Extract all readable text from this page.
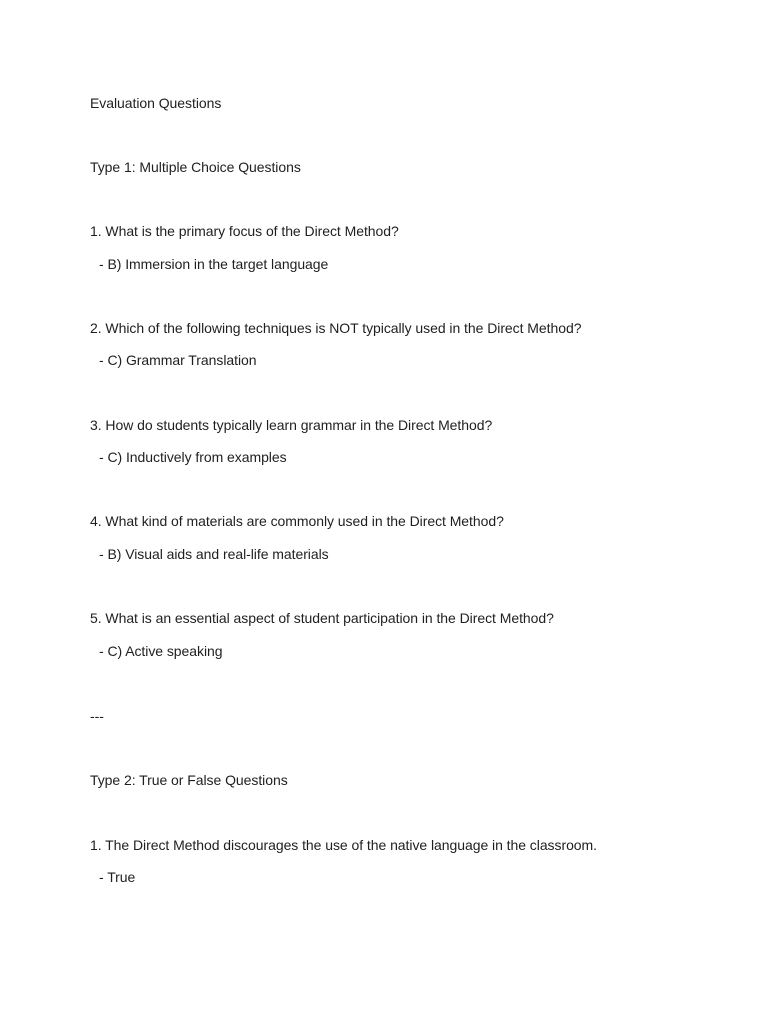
Evaluation Questions
Type 1: Multiple Choice Questions
1. What is the primary focus of the Direct Method?
- B) Immersion in the target language
2. Which of the following techniques is NOT typically used in the Direct Method?
- C) Grammar Translation
3. How do students typically learn grammar in the Direct Method?
- C) Inductively from examples
4. What kind of materials are commonly used in the Direct Method?
- B) Visual aids and real-life materials
5. What is an essential aspect of student participation in the Direct Method?
- C) Active speaking
---
Type 2: True or False Questions
1. The Direct Method discourages the use of the native language in the classroom.
- True
